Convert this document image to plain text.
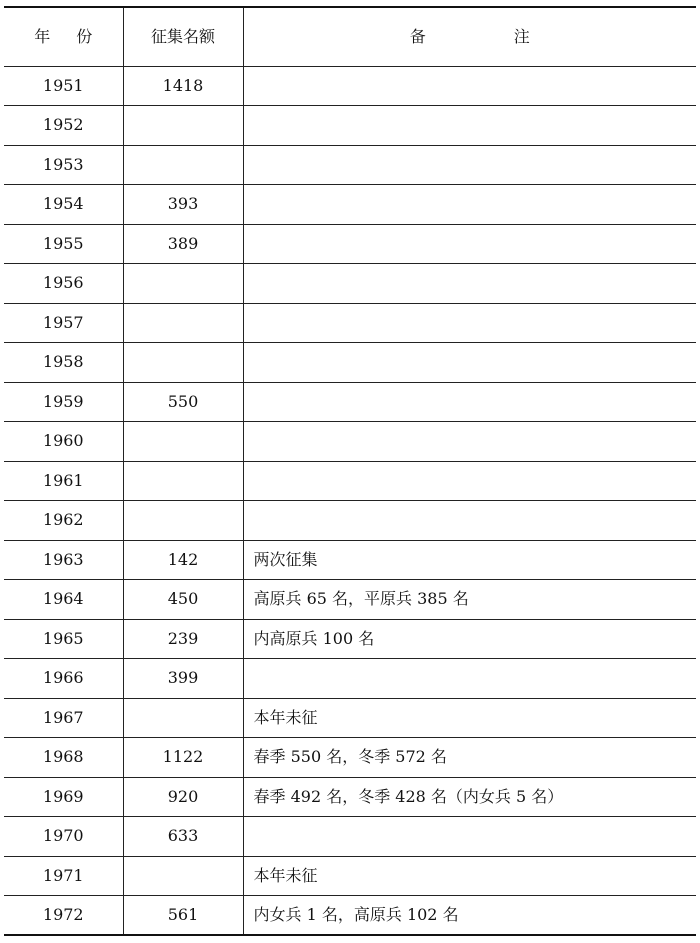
年份	征集名额	备注
1951	1418	
1952		
1953		
1954	393	
1955	389	
1956		
1957		
1958		
1959	550	
1960		
1961		
1962		
1963	142	两次征集
1964	450	高原兵 65 名，平原兵 385 名
1965	239	内高原兵 100 名
1966	399	
1967		本年未征
1968	1122	春季 550 名，冬季 572 名
1969	920	春季 492 名，冬季 428 名（内女兵 5 名）
1970	633	
1971		本年未征
1972	561	内女兵 1 名，高原兵 102 名
